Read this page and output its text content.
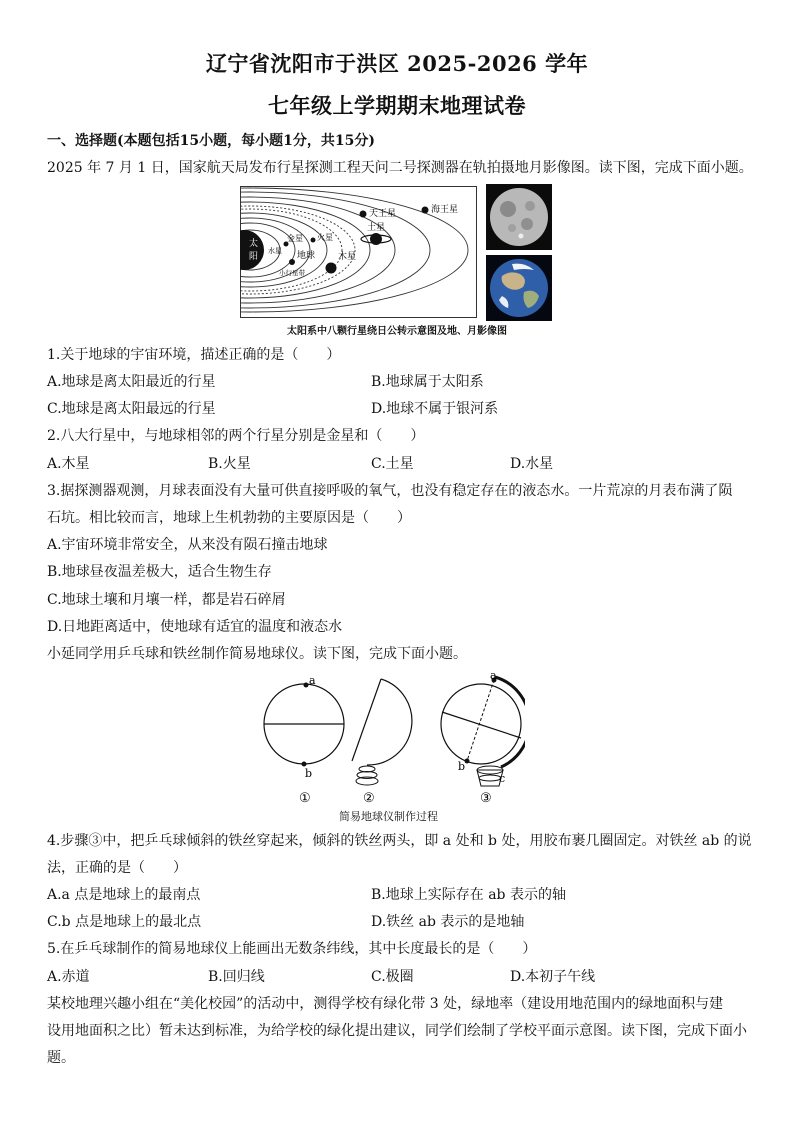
辽宁省沈阳市于洪区 2025-2026 学年
七年级上学期期末地理试卷
一、选择题(本题包括15小题，每小题1分，共15分)
2025 年 7 月 1 日，国家航天局发布行星探测工程天问二号探测器在轨拍摄地月影像图。读下图，完成下面小题。
太
阳
天王星	海王星
土星
火星
金星
水星 地球	木星
小行星带
太阳系中八颗行星绕日公转示意图及地、月影像图
1.关于地球的宇宙环境，描述正确的是（　　）
A.地球是离太阳最近的行星	B.地球属于太阳系
C.地球是离太阳最远的行星	D.地球不属于银河系
2.八大行星中，与地球相邻的两个行星分别是金星和（　　）
A.木星	B.火星	C.土星	D.水星
3.据探测器观测，月球表面没有大量可供直接呼吸的氧气，也没有稳定存在的液态水。一片荒凉的月表布满了陨
石坑。相比较而言，地球上生机勃勃的主要原因是（　　）
A.宇宙环境非常安全，从来没有陨石撞击地球
B.地球昼夜温差极大，适合生物生存
C.地球土壤和月壤一样，都是岩石碎屑
D.日地距离适中，使地球有适宜的温度和液态水
小延同学用乒乓球和铁丝制作简易地球仪。读下图，完成下面小题。
a
b
①	②
a
b
c
③
简易地球仪制作过程
4.步骤③中，把乒乓球倾斜的铁丝穿起来，倾斜的铁丝两头，即 a 处和 b 处，用胶布裹几圈固定。对铁丝 ab 的说
法，正确的是（　　）
A.a 点是地球上的最南点	B.地球上实际存在 ab 表示的轴
C.b 点是地球上的最北点	D.铁丝 ab 表示的是地轴
5.在乒乓球制作的简易地球仪上能画出无数条纬线，其中长度最长的是（　　）
A.赤道	B.回归线	C.极圈	D.本初子午线
某校地理兴趣小组在“美化校园”的活动中，测得学校有绿化带 3 处，绿地率（建设用地范围内的绿地面积与建
设用地面积之比）暂未达到标准，为给学校的绿化提出建议，同学们绘制了学校平面示意图。读下图，完成下面小
题。
